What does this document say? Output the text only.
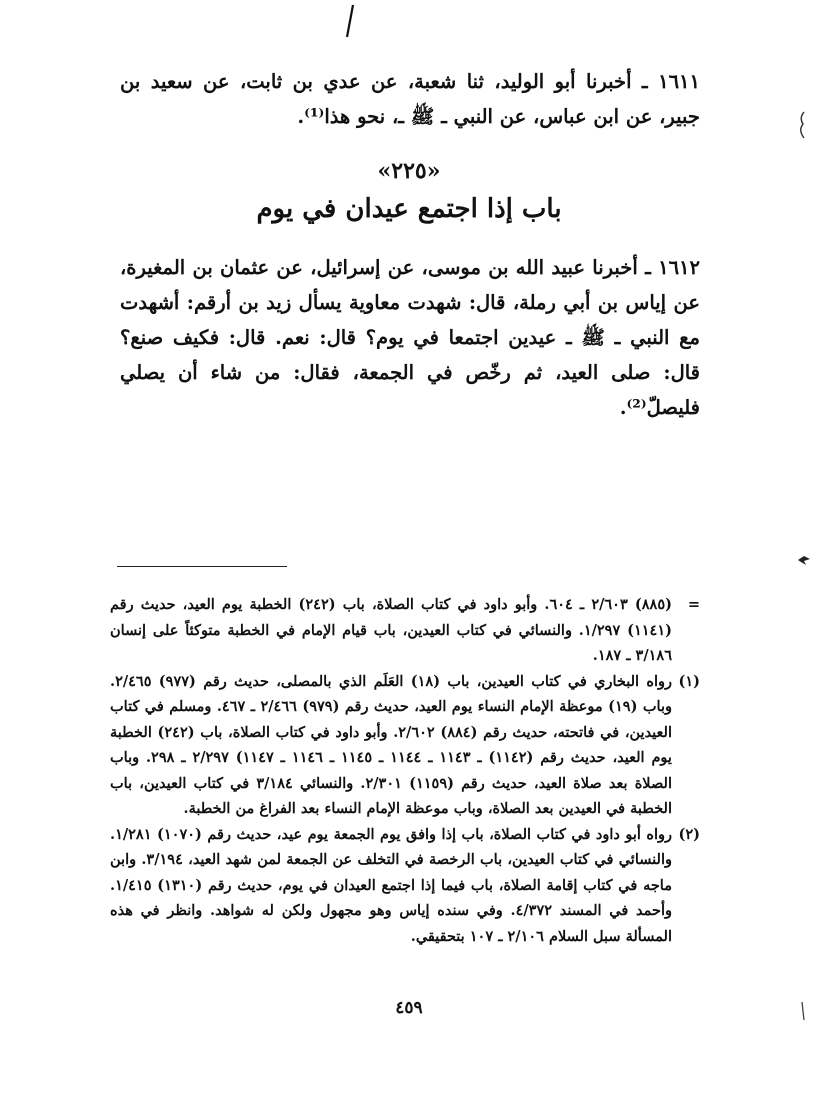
١٦١١ ـ أخبرنا أبو الوليد، ثنا شعبة، عن عدي بن ثابت، عن سعيد بن جبير، عن ابن عباس، عن النبي ـ ﷺ ـ، نحو هذا⁽¹⁾.

«٢٢٥»

باب إذا اجتمع عيدان في يوم

١٦١٢ ـ أخبرنا عبيد الله بن موسى، عن إسرائيل، عن عثمان بن المغيرة، عن إياس بن أبي رملة، قال: شهدت معاوية يسأل زيد بن أرقم: أشهدت مع النبي ـ ﷺ ـ عيدين اجتمعا في يوم؟ قال: نعم. قال: فكيف صنع؟ قال: صلى العيد، ثم رخّص في الجمعة، فقال: من شاء أن يصلي فليصلّ⁽²⁾.

=
(٨٨٥) ٢/٦٠٣ ـ ٦٠٤. وأبو داود في كتاب الصلاة، باب (٢٤٢) الخطبة يوم العيد، حديث رقم (١١٤١) ١/٢٩٧. والنسائي في كتاب العيدين، باب قيام الإمام في الخطبة متوكئاً على إنسان ٣/١٨٦ ـ ١٨٧.

(١)
رواه البخاري في كتاب العيدين، باب (١٨) العَلَم الذي بالمصلى، حديث رقم (٩٧٧) ٢/٤٦٥. وباب (١٩) موعظة الإمام النساء يوم العيد، حديث رقم (٩٧٩) ٢/٤٦٦ ـ ٤٦٧. ومسلم في كتاب العيدين، في فاتحته، حديث رقم (٨٨٤) ٢/٦٠٢. وأبو داود في كتاب الصلاة، باب (٢٤٢) الخطبة يوم العيد، حديث رقم (١١٤٢) ـ ١١٤٣ ـ ١١٤٤ ـ ١١٤٥ ـ ١١٤٦ ـ ١١٤٧) ٢/٢٩٧ ـ ٢٩٨. وباب الصلاة بعد صلاة العيد، حديث رقم (١١٥٩) ٢/٣٠١. والنسائي ٣/١٨٤ في كتاب العيدين، باب الخطبة في العيدين بعد الصلاة، وباب موعظة الإمام النساء بعد الفراغ من الخطبة.

(٢)
رواه أبو داود في كتاب الصلاة، باب إذا وافق يوم الجمعة يوم عيد، حديث رقم (١٠٧٠) ١/٢٨١. والنسائي في كتاب العيدين، باب الرخصة في التخلف عن الجمعة لمن شهد العيد، ٣/١٩٤. وابن ماجه في كتاب إقامة الصلاة، باب فيما إذا اجتمع العيدان في يوم، حديث رقم (١٣١٠) ١/٤١٥. وأحمد في المسند ٤/٣٧٢. وفي سنده إياس وهو مجهول ولكن له شواهد. وانظر في هذه المسألة سبل السلام ٢/١٠٦ ـ ١٠٧ بتحقيقي.

٤٥٩
